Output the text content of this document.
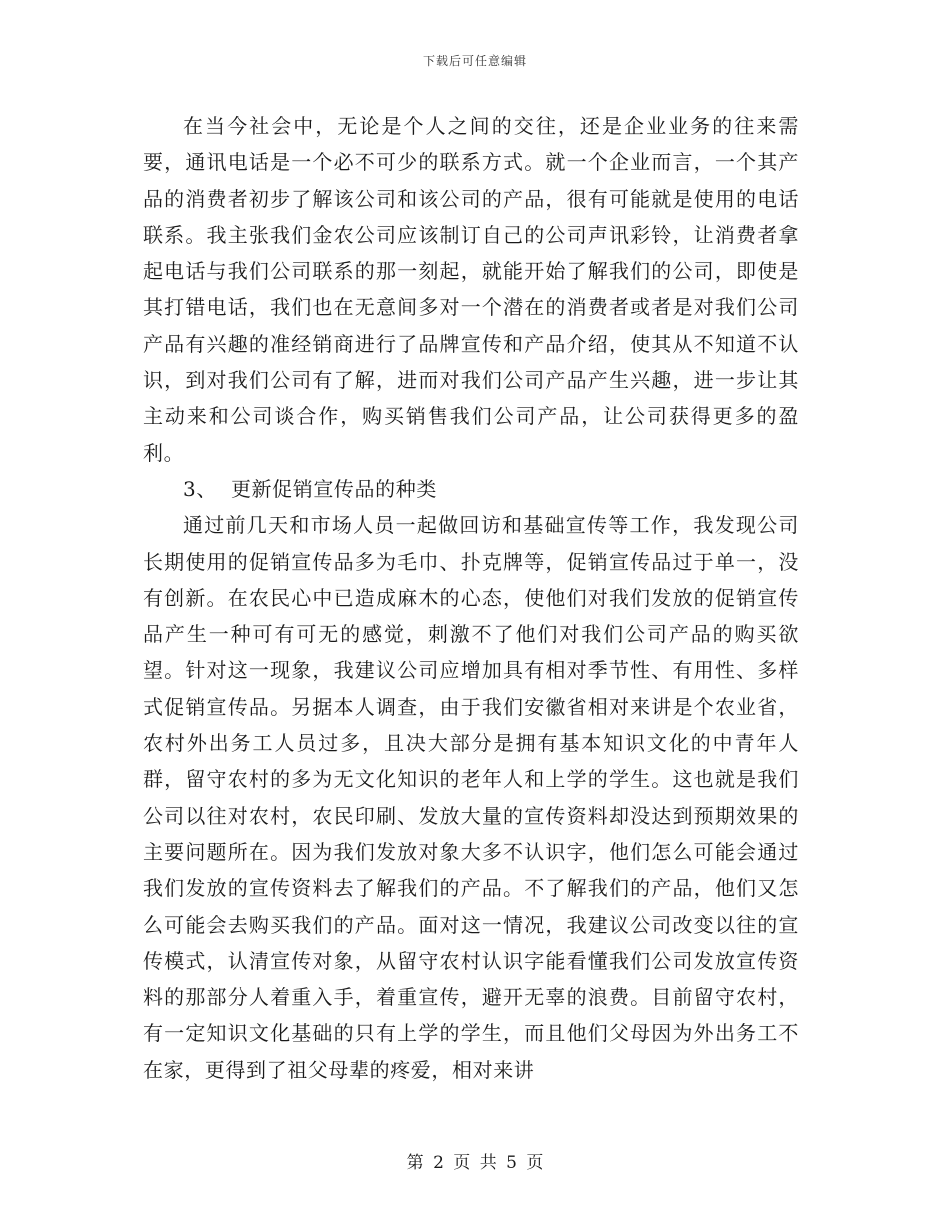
下载后可任意编辑

在当今社会中，无论是个人之间的交往，还是企业业务的往来需要，通讯电话是一个必不可少的联系方式。就一个企业而言，一个其产品的消费者初步了解该公司和该公司的产品，很有可能就是使用的电话联系。我主张我们金农公司应该制订自己的公司声讯彩铃，让消费者拿起电话与我们公司联系的那一刻起，就能开始了解我们的公司，即使是其打错电话，我们也在无意间多对一个潜在的消费者或者是对我们公司产品有兴趣的准经销商进行了品牌宣传和产品介绍，使其从不知道不认识，到对我们公司有了解，进而对我们公司产品产生兴趣，进一步让其主动来和公司谈合作，购买销售我们公司产品，让公司获得更多的盈利。

3、 更新促销宣传品的种类

通过前几天和市场人员一起做回访和基础宣传等工作，我发现公司长期使用的促销宣传品多为毛巾、扑克牌等，促销宣传品过于单一，没有创新。在农民心中已造成麻木的心态，使他们对我们发放的促销宣传品产生一种可有可无的感觉，刺激不了他们对我们公司产品的购买欲望。针对这一现象，我建议公司应增加具有相对季节性、有用性、多样式促销宣传品。另据本人调查，由于我们安徽省相对来讲是个农业省，农村外出务工人员过多，且决大部分是拥有基本知识文化的中青年人群，留守农村的多为无文化知识的老年人和上学的学生。这也就是我们公司以往对农村，农民印刷、发放大量的宣传资料却没达到预期效果的主要问题所在。因为我们发放对象大多不认识字，他们怎么可能会通过我们发放的宣传资料去了解我们的产品。不了解我们的产品，他们又怎么可能会去购买我们的产品。面对这一情况，我建议公司改变以往的宣传模式，认清宣传对象，从留守农村认识字能看懂我们公司发放宣传资料的那部分人着重入手，着重宣传，避开无辜的浪费。目前留守农村，有一定知识文化基础的只有上学的学生，而且他们父母因为外出务工不在家，更得到了祖父母辈的疼爱，相对来讲

第 2 页 共 5 页
